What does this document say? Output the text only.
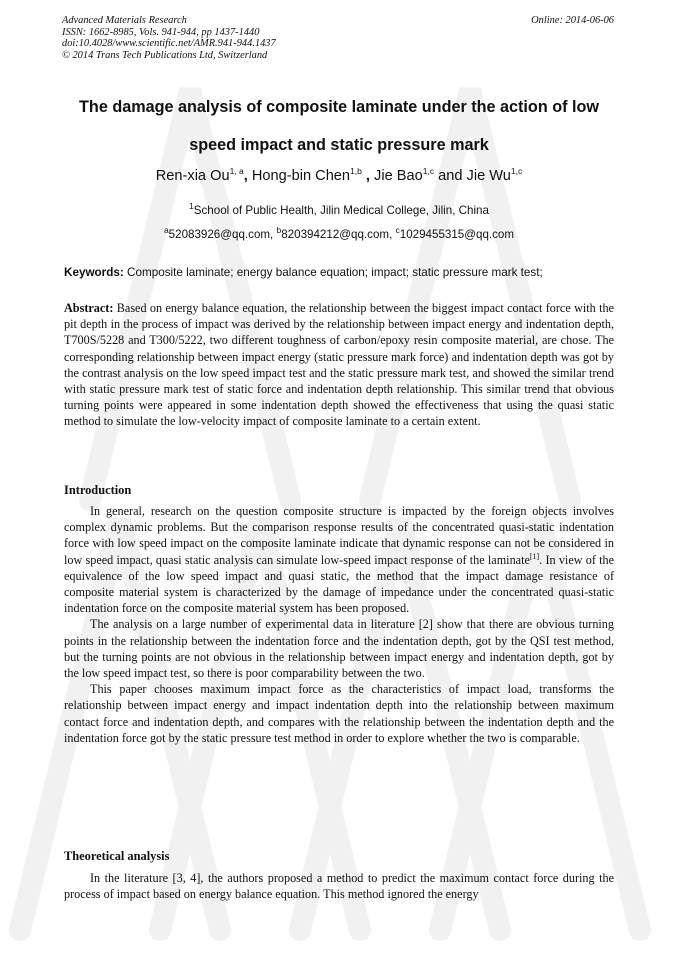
Advanced Materials Research
ISSN: 1662-8985, Vols. 941-944, pp 1437-1440
doi:10.4028/www.scientific.net/AMR.941-944.1437
© 2014 Trans Tech Publications Ltd, Switzerland
Online: 2014-06-06
The damage analysis of composite laminate under the action of low
speed impact and static pressure mark
Ren-xia Ou$^{1, a}$, Hong-bin Chen$^{1,b}$ , Jie Bao$^{1,c}$ and Jie Wu$^{1,c}$
$^1$School of Public Health, Jilin Medical College, Jilin, China
$^a$52083926@qq.com, $^b$820394212@qq.com, $^c$1029455315@qq.com
Keywords: Composite laminate; energy balance equation; impact; static pressure mark test;

Abstract: Based on energy balance equation, the relationship between the biggest impact contact force with the pit depth in the process of impact was derived by the relationship between impact energy and indentation depth, T700S/5228 and T300/5222, two different toughness of carbon/epoxy resin composite material, are chose. The corresponding relationship between impact energy (static pressure mark force) and indentation depth was got by the contrast analysis on the low speed impact test and the static pressure mark test, and showed the similar trend with static pressure mark test of static force and indentation depth relationship. This similar trend that obvious turning points were appeared in some indentation depth showed the effectiveness that using the quasi static method to simulate the low-velocity impact of composite laminate to a certain extent.

Introduction

In general, research on the question composite structure is impacted by the foreign objects involves complex dynamic problems. But the comparison response results of the concentrated quasi-static indentation force with low speed impact on the composite laminate indicate that dynamic response can not be considered in low speed impact, quasi static analysis can simulate low-speed impact response of the laminate[1]. In view of the equivalence of the low speed impact and quasi static, the method that the impact damage resistance of composite material system is characterized by the damage of impedance under the concentrated quasi-static indentation force on the composite material system has been proposed.

The analysis on a large number of experimental data in literature [2] show that there are obvious turning points in the relationship between the indentation force and the indentation depth, got by the QSI test method, but the turning points are not obvious in the relationship between impact energy and indentation depth, got by the low speed impact test, so there is poor comparability between the two.

This paper chooses maximum impact force as the characteristics of impact load, transforms the relationship between impact energy and impact indentation depth into the relationship between maximum contact force and indentation depth, and compares with the relationship between the indentation depth and the indentation force got by the static pressure test method in order to explore whether the two is comparable.

Theoretical analysis

In the literature [3, 4], the authors proposed a method to predict the maximum contact force during the process of impact based on energy balance equation. This method ignored the energy
